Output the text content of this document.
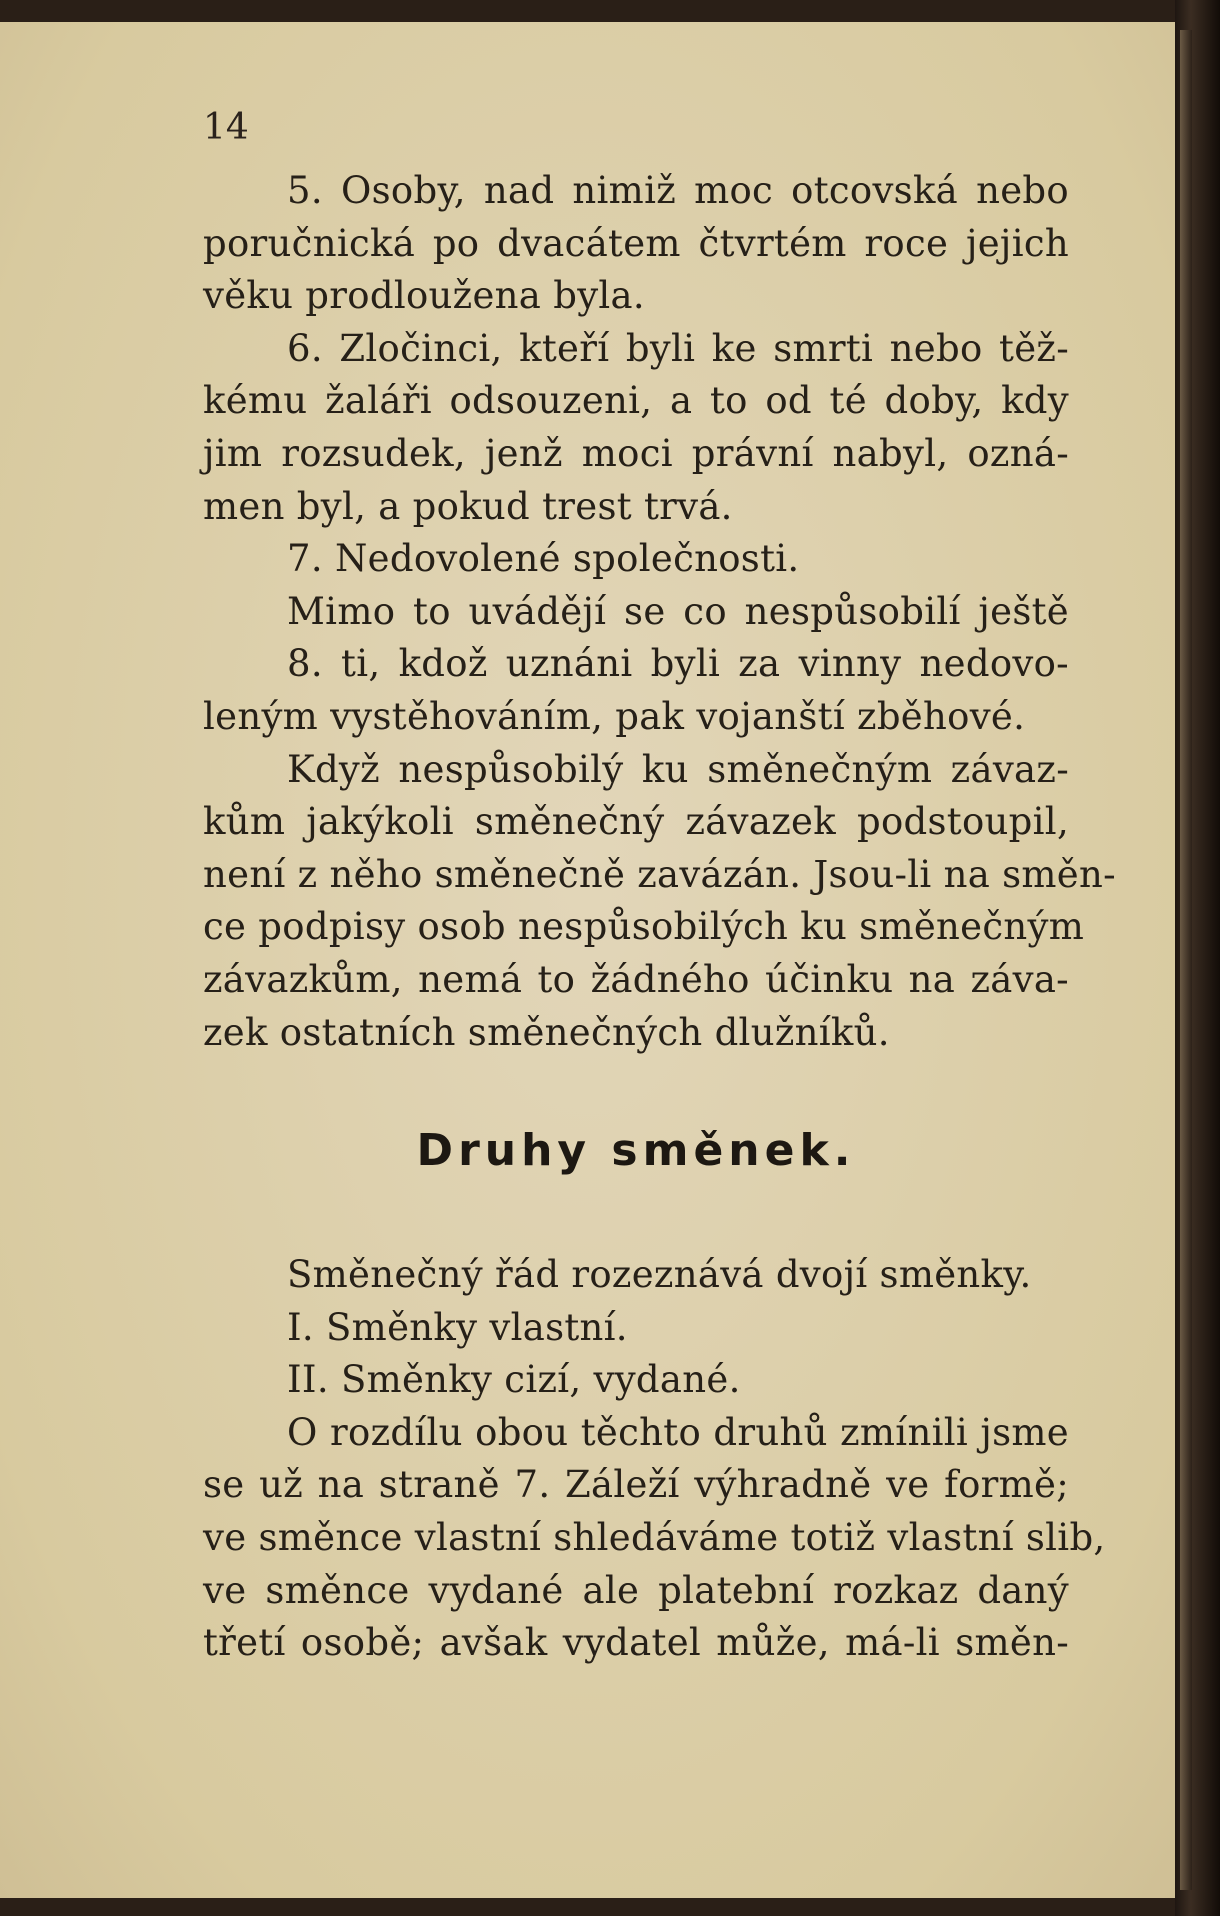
14
5. Osoby, nad nimiž moc otcovská nebo
poručnická po dvacátem čtvrtém roce jejich
věku prodloužena byla.
6. Zločinci, kteří byli ke smrti nebo těž-
kému žaláři odsouzeni, a to od té doby, kdy
jim rozsudek, jenž moci právní nabyl, ozná-
men byl, a pokud trest trvá.
7. Nedovolené společnosti.
Mimo to uvádějí se co nespůsobilí ještě
8. ti, kdož uznáni byli za vinny nedovo-
leným vystěhováním, pak vojanští zběhové.
Když nespůsobilý ku směnečným závaz-
kům jakýkoli směnečný závazek podstoupil,
není z něho směnečně zavázán. Jsou-li na směn-
ce podpisy osob nespůsobilých ku směnečným
závazkům, nemá to žádného účinku na záva-
zek ostatních směnečných dlužníků.
Druhy směnek.
Směnečný řád rozeznává dvojí směnky.
I. Směnky vlastní.
II. Směnky cizí, vydané.
O rozdílu obou těchto druhů zmínili jsme
se už na straně 7. Záleží výhradně ve formě;
ve směnce vlastní shledáváme totiž vlastní slib,
ve směnce vydané ale platební rozkaz daný
třetí osobě; avšak vydatel může, má-li směn-
